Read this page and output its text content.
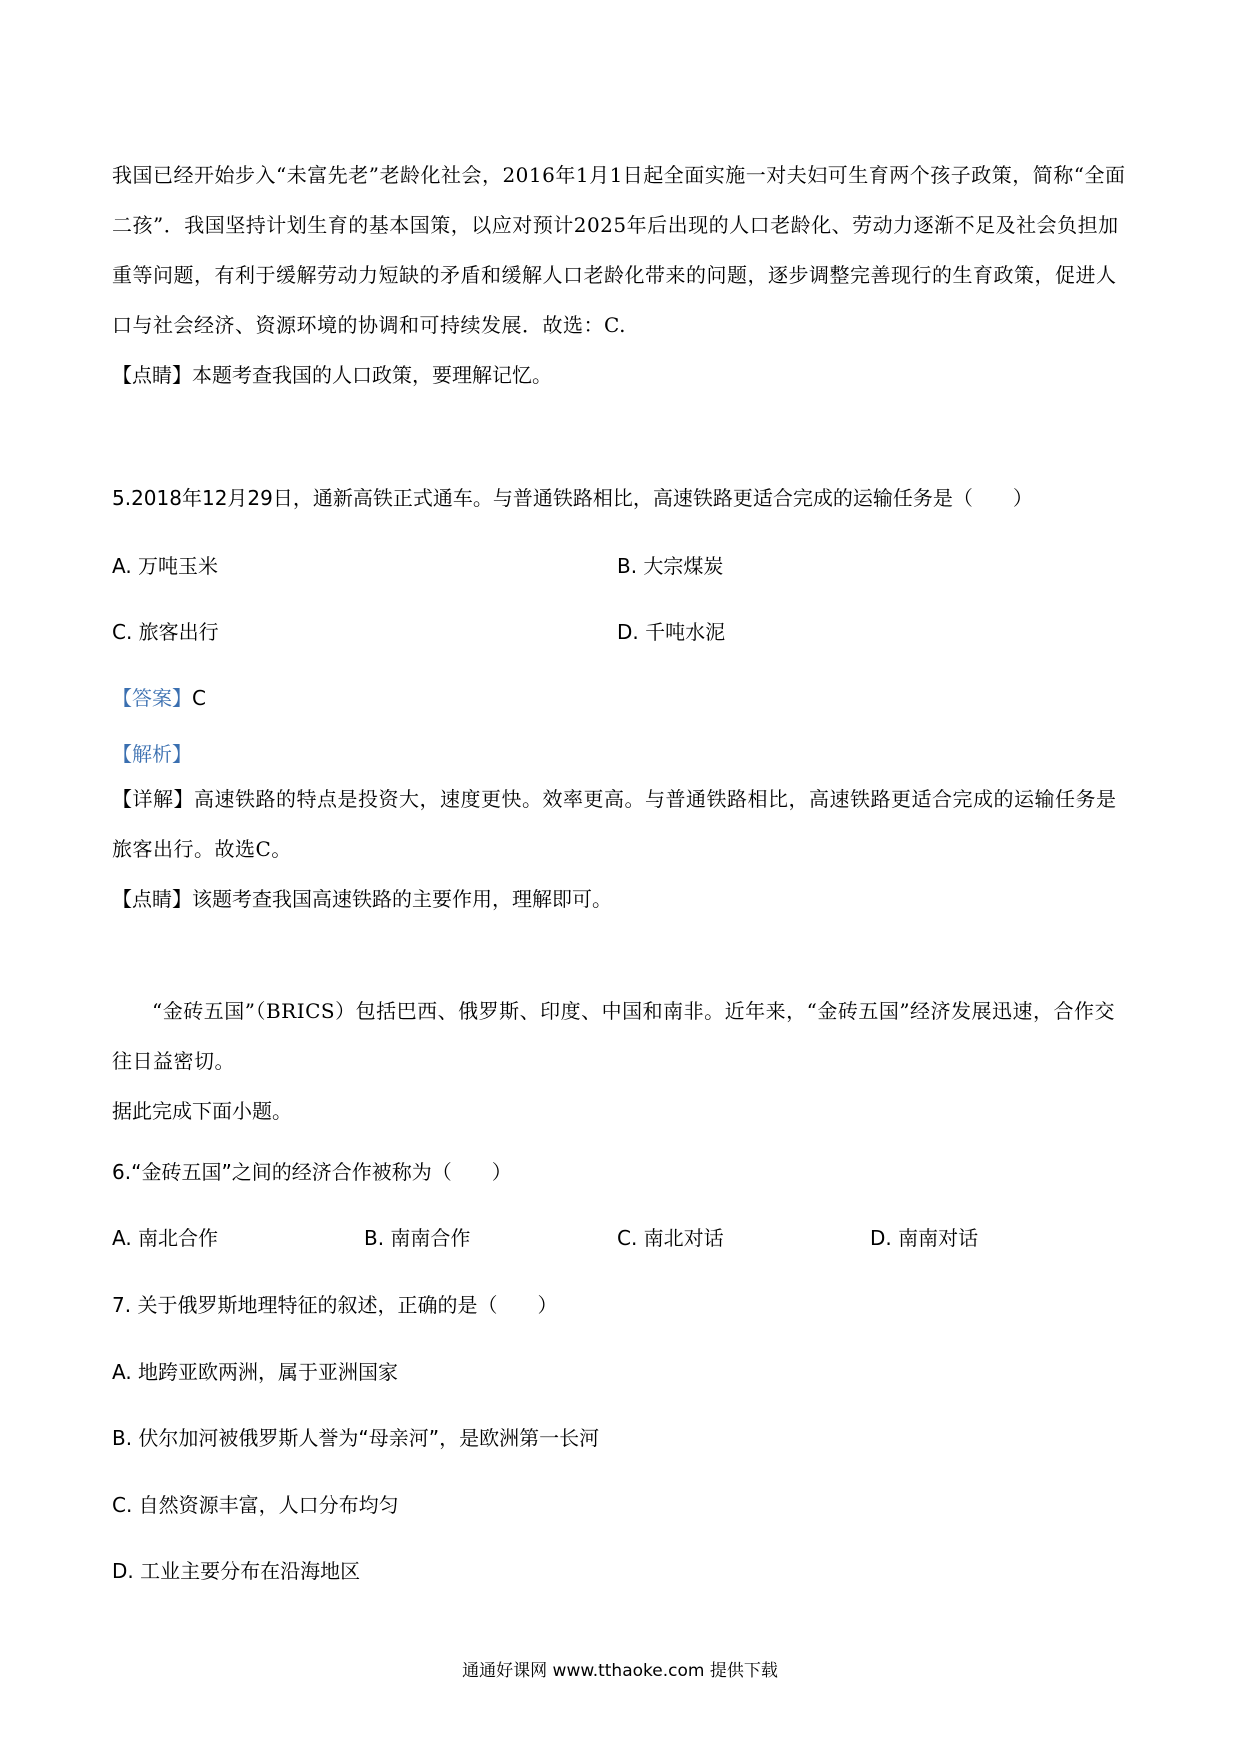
我国已经开始步入“未富先老”老龄化社会，2016年1月1日起全面实施一对夫妇可生育两个孩子政策，简称“全面二孩”．我国坚持计划生育的基本国策，以应对预计2025年后出现的人口老龄化、劳动力逐渐不足及社会负担加重等问题，有利于缓解劳动力短缺的矛盾和缓解人口老龄化带来的问题，逐步调整完善现行的生育政策，促进人口与社会经济、资源环境的协调和可持续发展．故选：C.

【点睛】本题考查我国的人口政策，要理解记忆。

5.2018年12月29日，通新高铁正式通车。与普通铁路相比，高速铁路更适合完成的运输任务是（　　）
A. 万吨玉米	B. 大宗煤炭
C. 旅客出行	D. 千吨水泥
【答案】C
【解析】

【详解】高速铁路的特点是投资大，速度更快。效率更高。与普通铁路相比，高速铁路更适合完成的运输任务是旅客出行。故选C。

【点睛】该题考查我国高速铁路的主要作用，理解即可。

“金砖五国”（BRICS）包括巴西、俄罗斯、印度、中国和南非。近年来，“金砖五国”经济发展迅速，合作交往日益密切。

据此完成下面小题。

6.“金砖五国”之间的经济合作被称为（　　）
A. 南北合作	B. 南南合作	C. 南北对话	D. 南南对话
7. 关于俄罗斯地理特征的叙述，正确的是（　　）
A. 地跨亚欧两洲，属于亚洲国家
B. 伏尔加河被俄罗斯人誉为“母亲河”，是欧洲第一长河
C. 自然资源丰富，人口分布均匀
D. 工业主要分布在沿海地区
通通好课网 www.tthaoke.com 提供下载
